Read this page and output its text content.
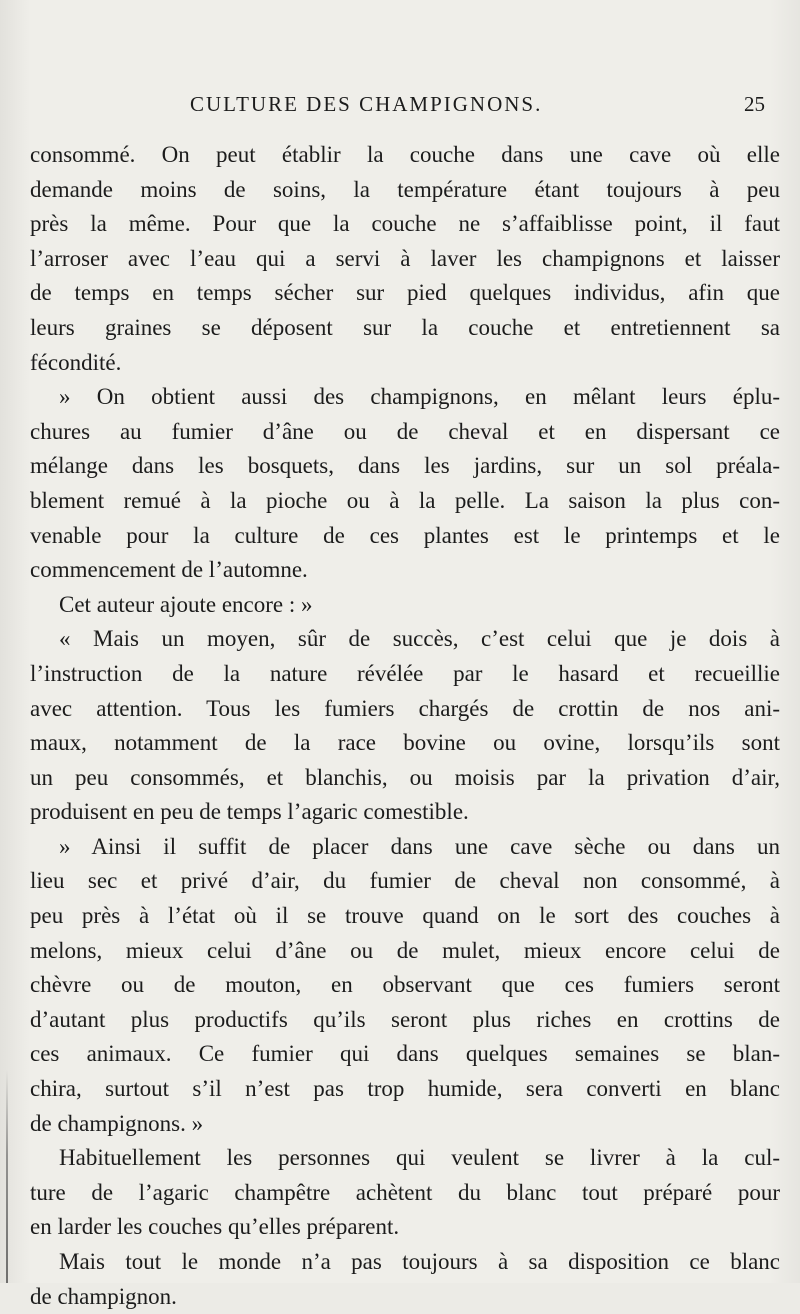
CULTURE DES CHAMPIGNONS.	25
consommé. On peut établir la couche dans une cave où elle
demande moins de soins, la température étant toujours à peu
près la même. Pour que la couche ne s’affaiblisse point, il faut
l’arroser avec l’eau qui a servi à laver les champignons et laisser
de temps en temps sécher sur pied quelques individus, afin que
leurs graines se déposent sur la couche et entretiennent sa
fécondité.
» On obtient aussi des champignons, en mêlant leurs éplu-
chures au fumier d’âne ou de cheval et en dispersant ce
mélange dans les bosquets, dans les jardins, sur un sol préala-
blement remué à la pioche ou à la pelle. La saison la plus con-
venable pour la culture de ces plantes est le printemps et le
commencement de l’automne.
Cet auteur ajoute encore : »
« Mais un moyen, sûr de succès, c’est celui que je dois à
l’instruction de la nature révélée par le hasard et recueillie
avec attention. Tous les fumiers chargés de crottin de nos ani-
maux, notamment de la race bovine ou ovine, lorsqu’ils sont
un peu consommés, et blanchis, ou moisis par la privation d’air,
produisent en peu de temps l’agaric comestible.
» Ainsi il suffit de placer dans une cave sèche ou dans un
lieu sec et privé d’air, du fumier de cheval non consommé, à
peu près à l’état où il se trouve quand on le sort des couches à
melons, mieux celui d’âne ou de mulet, mieux encore celui de
chèvre ou de mouton, en observant que ces fumiers seront
d’autant plus productifs qu’ils seront plus riches en crottins de
ces animaux. Ce fumier qui dans quelques semaines se blan-
chira, surtout s’il n’est pas trop humide, sera converti en blanc
de champignons. »
Habituellement les personnes qui veulent se livrer à la cul-
ture de l’agaric champêtre achètent du blanc tout préparé pour
en larder les couches qu’elles préparent.
Mais tout le monde n’a pas toujours à sa disposition ce blanc
de champignon.
